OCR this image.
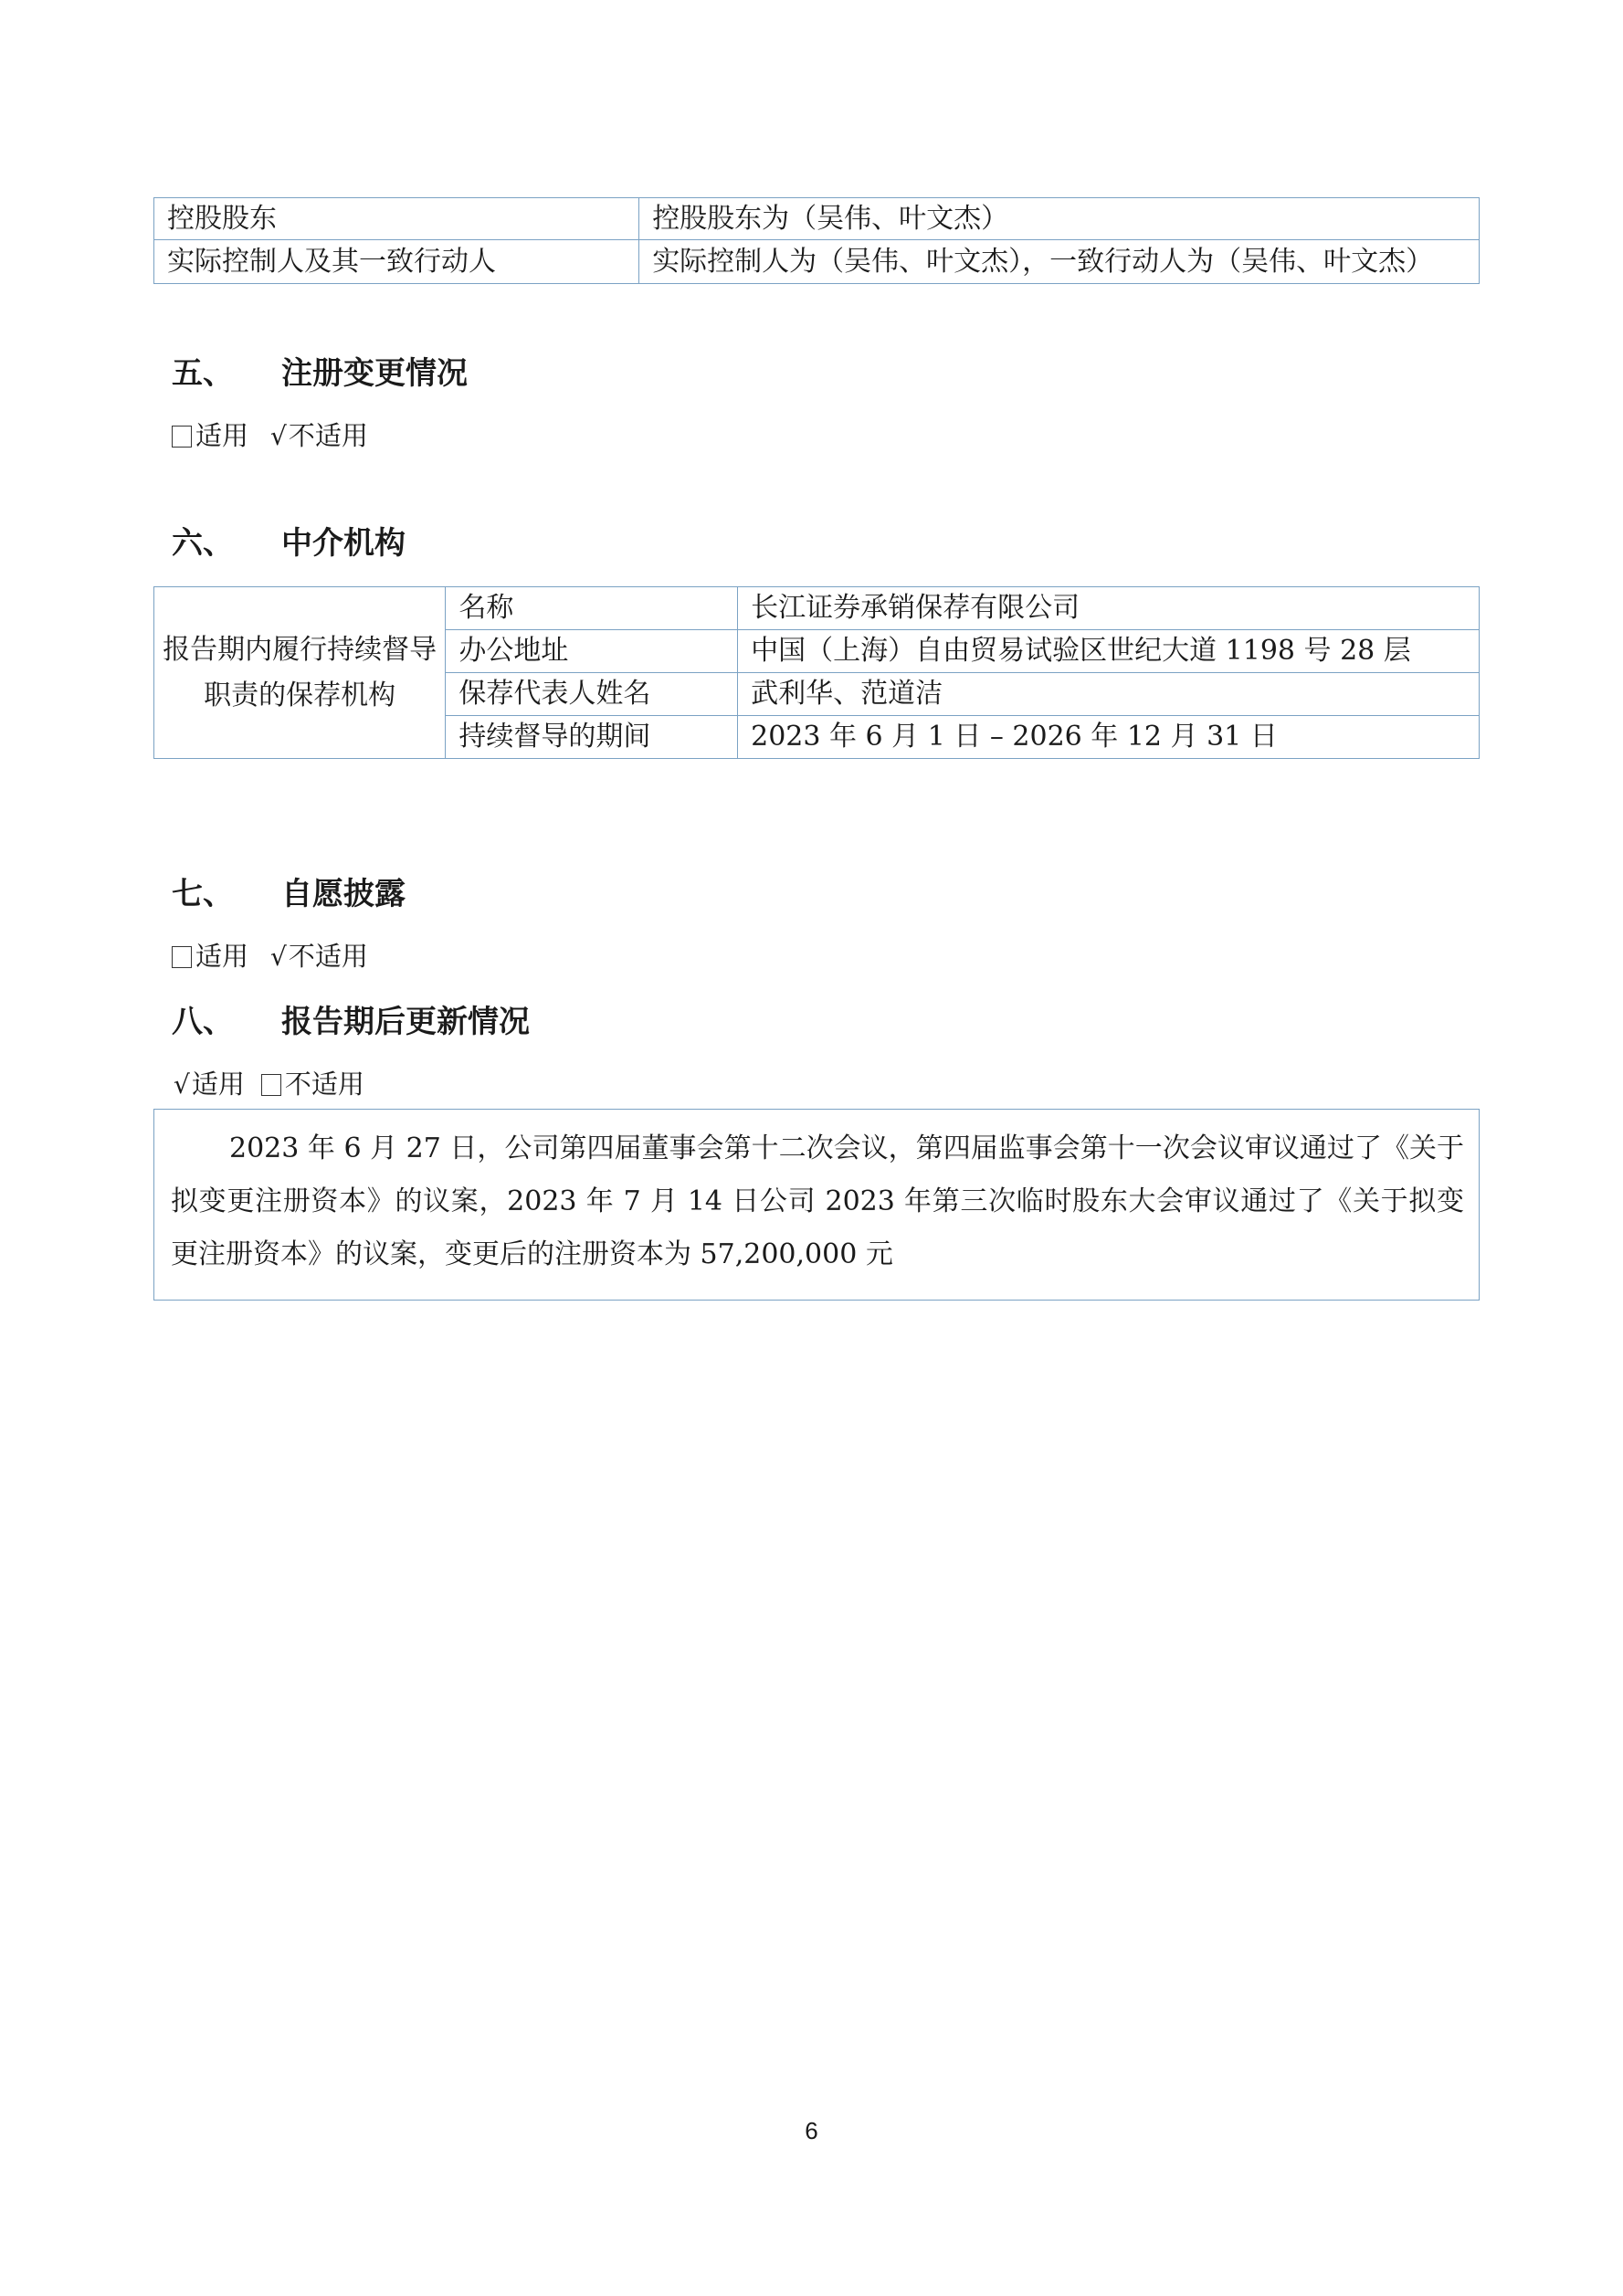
控股股东	控股股东为（吴伟、叶文杰）
实际控制人及其一致行动人	实际控制人为（吴伟、叶文杰），一致行动人为（吴伟、叶文杰）
五、 注册变更情况
适用 √不适用
六、 中介机构
报告期内履行持续督导职责的保荐机构	名称	长江证券承销保荐有限公司
	办公地址	中国（上海）自由贸易试验区世纪大道 1198 号 28 层
	保荐代表人姓名	武利华、范道洁
	持续督导的期间	2023 年 6 月 1 日 – 2026 年 12 月 31 日
七、 自愿披露
适用 √不适用
八、 报告期后更新情况
√适用 不适用

2023 年 6 月 27 日，公司第四届董事会第十二次会议，第四届监事会第十一次会议审议通过了《关于拟变更注册资本》的议案，2023 年 7 月 14 日公司 2023 年第三次临时股东大会审议通过了《关于拟变更注册资本》的议案，变更后的注册资本为 57,200,000 元

6
